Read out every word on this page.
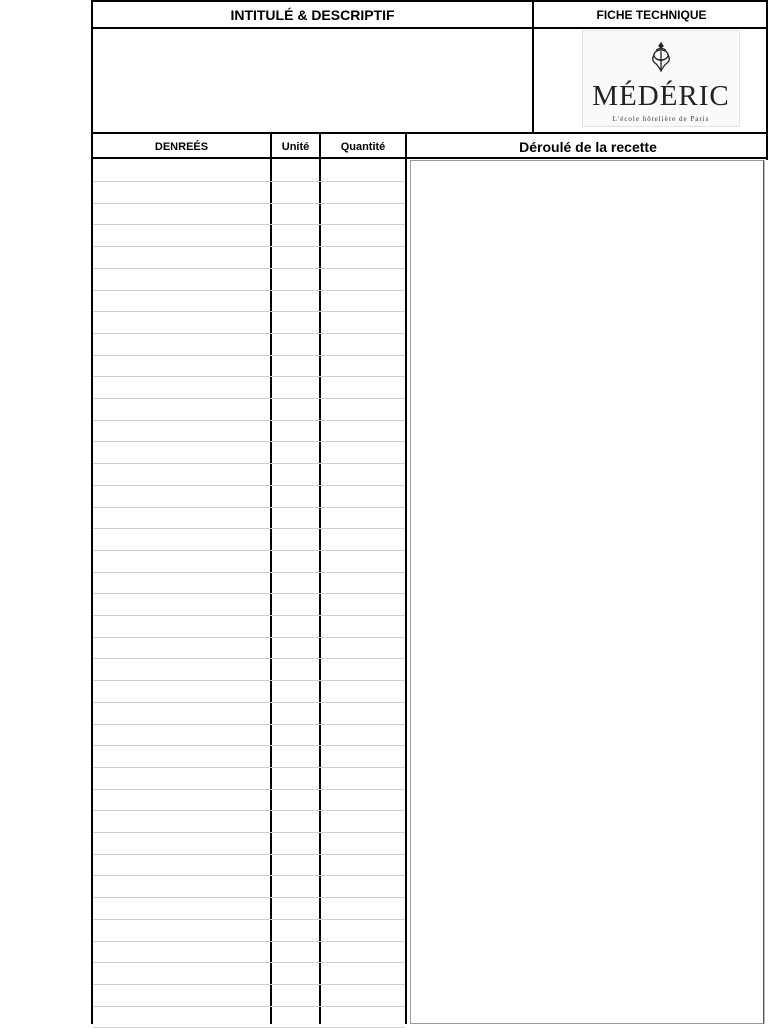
INTITULÉ & DESCRIPTIF	FICHE TECHNIQUE
MÉDÉRIC
L'école hôtelière de Paris
DENREÉS	Unité	Quantité	Déroulé de la recette
